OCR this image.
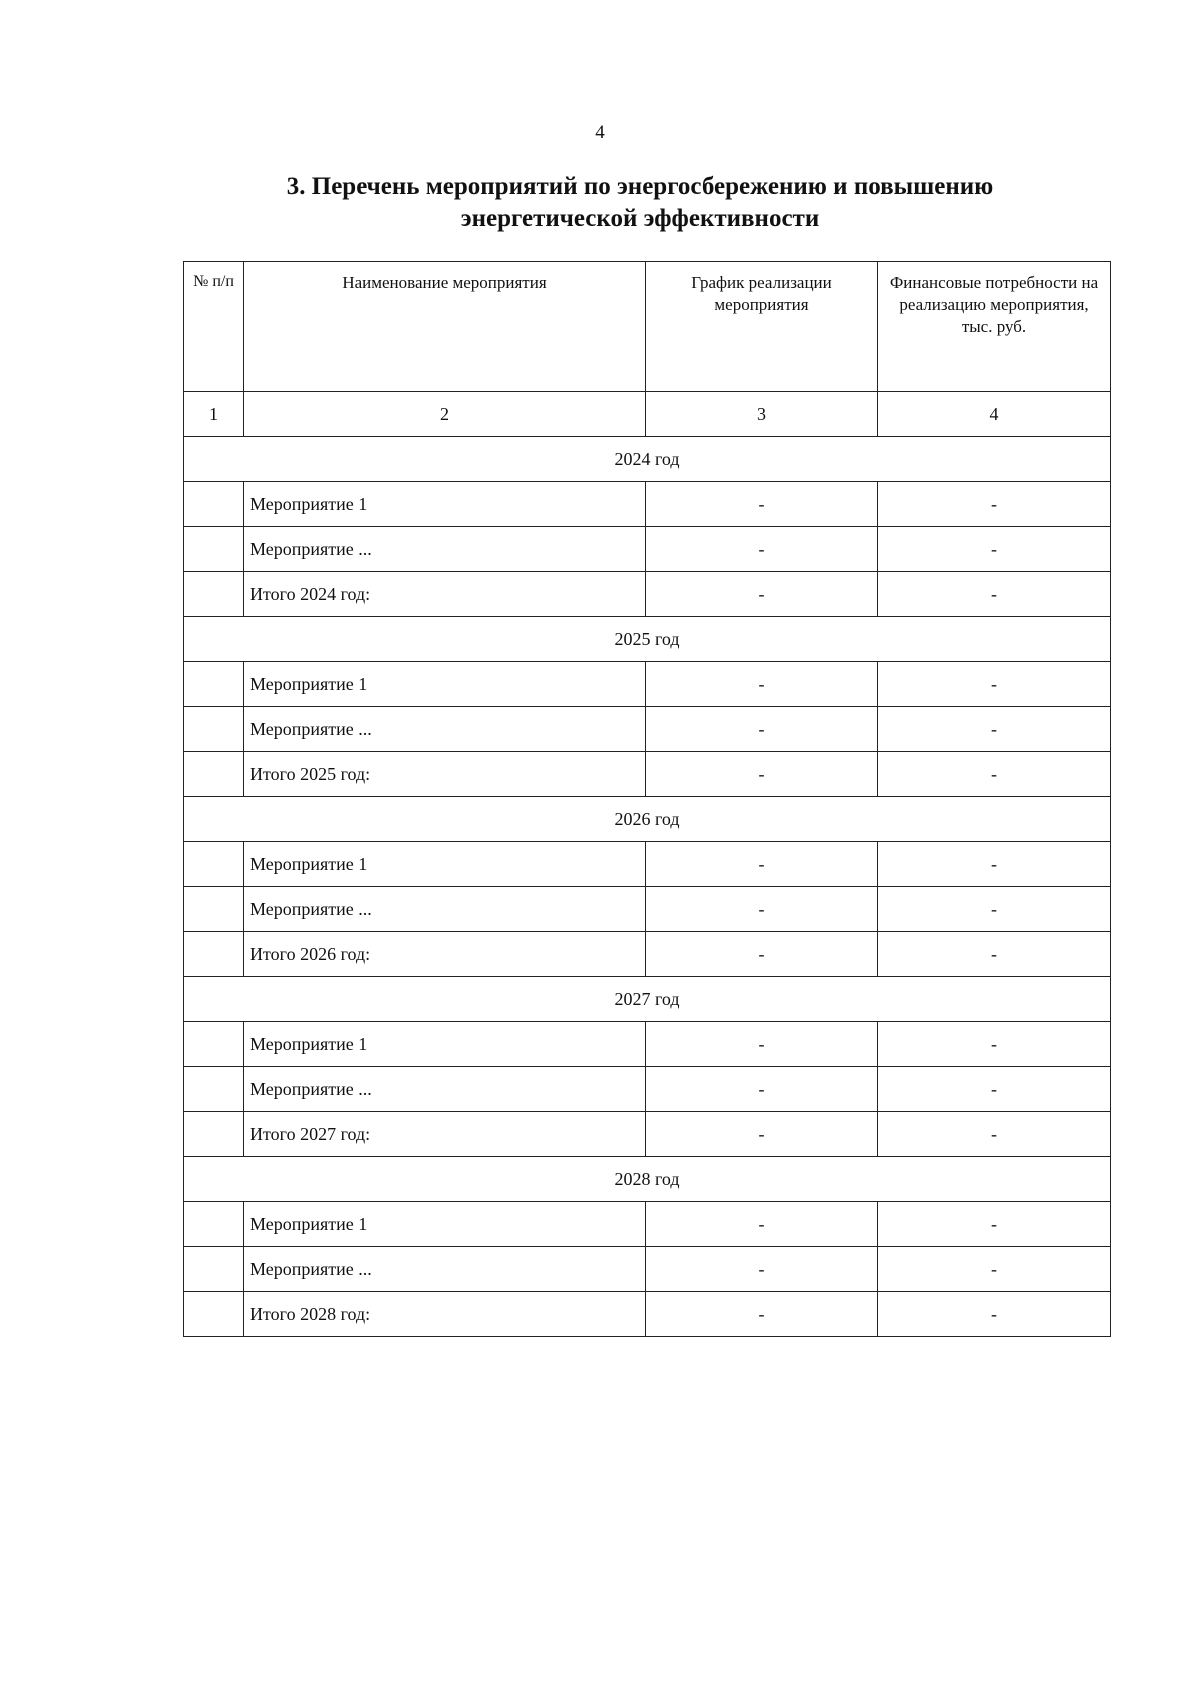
4
3. Перечень мероприятий по энергосбережению и повышению
энергетической эффективности
№ п/п	Наименование мероприятия	График реализации мероприятия	Финансовые потребности на реализацию мероприятия, тыс. руб.
1	2	3	4
2024 год			
	Мероприятие 1	-	-
	Мероприятие ...	-	-
	Итого 2024 год:	-	-
2025 год			
	Мероприятие 1	-	-
	Мероприятие ...	-	-
	Итого 2025 год:	-	-
2026 год			
	Мероприятие 1	-	-
	Мероприятие ...	-	-
	Итого 2026 год:	-	-
2027 год			
	Мероприятие 1	-	-
	Мероприятие ...	-	-
	Итого 2027 год:	-	-
2028 год			
	Мероприятие 1	-	-
	Мероприятие ...	-	-
	Итого 2028 год:	-	-
